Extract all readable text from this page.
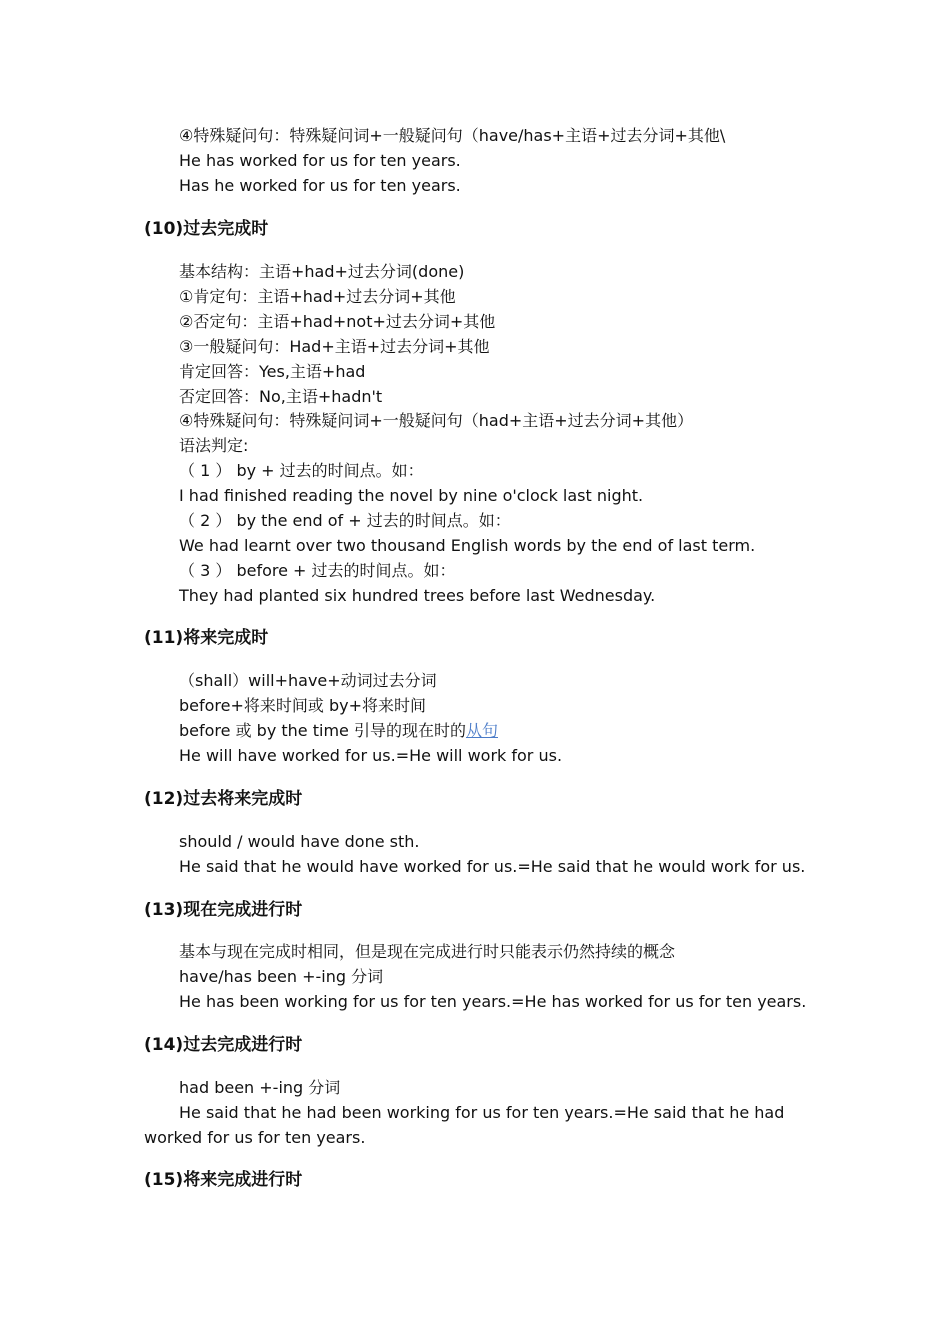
④特殊疑问句：特殊疑问词+一般疑问句（have/has+主语+过去分词+其他\

He has worked for us for ten years.

Has he worked for us for ten years.

(10)过去完成时

基本结构：主语+had+过去分词(done)

①肯定句：主语+had+过去分词+其他

②否定句：主语+had+not+过去分词+其他

③一般疑问句：Had+主语+过去分词+其他

肯定回答：Yes,主语+had

否定回答：No,主语+hadn't

④特殊疑问句：特殊疑问词+一般疑问句（had+主语+过去分词+其他）

语法判定:

（ 1 ） by + 过去的时间点。如：

I had finished reading the novel by nine o'clock last night.

（ 2 ） by the end of + 过去的时间点。如：

We had learnt over two thousand English words by the end of last term.

（ 3 ） before + 过去的时间点。如：

They had planted six hundred trees before last Wednesday.

(11)将来完成时

（shall）will+have+动词过去分词

before+将来时间或 by+将来时间

before 或 by the time 引导的现在时的从句

He will have worked for us.=He will work for us.

(12)过去将来完成时

should / would have done sth.

He said that he would have worked for us.=He said that he would work for us.

(13)现在完成进行时

基本与现在完成时相同，但是现在完成进行时只能表示仍然持续的概念

have/has been +-ing 分词

He has been working for us for ten years.=He has worked for us for ten years.

(14)过去完成进行时

had been +-ing 分词

He said that he had been working for us for ten years.=He said that he had

worked for us for ten years.

(15)将来完成进行时
